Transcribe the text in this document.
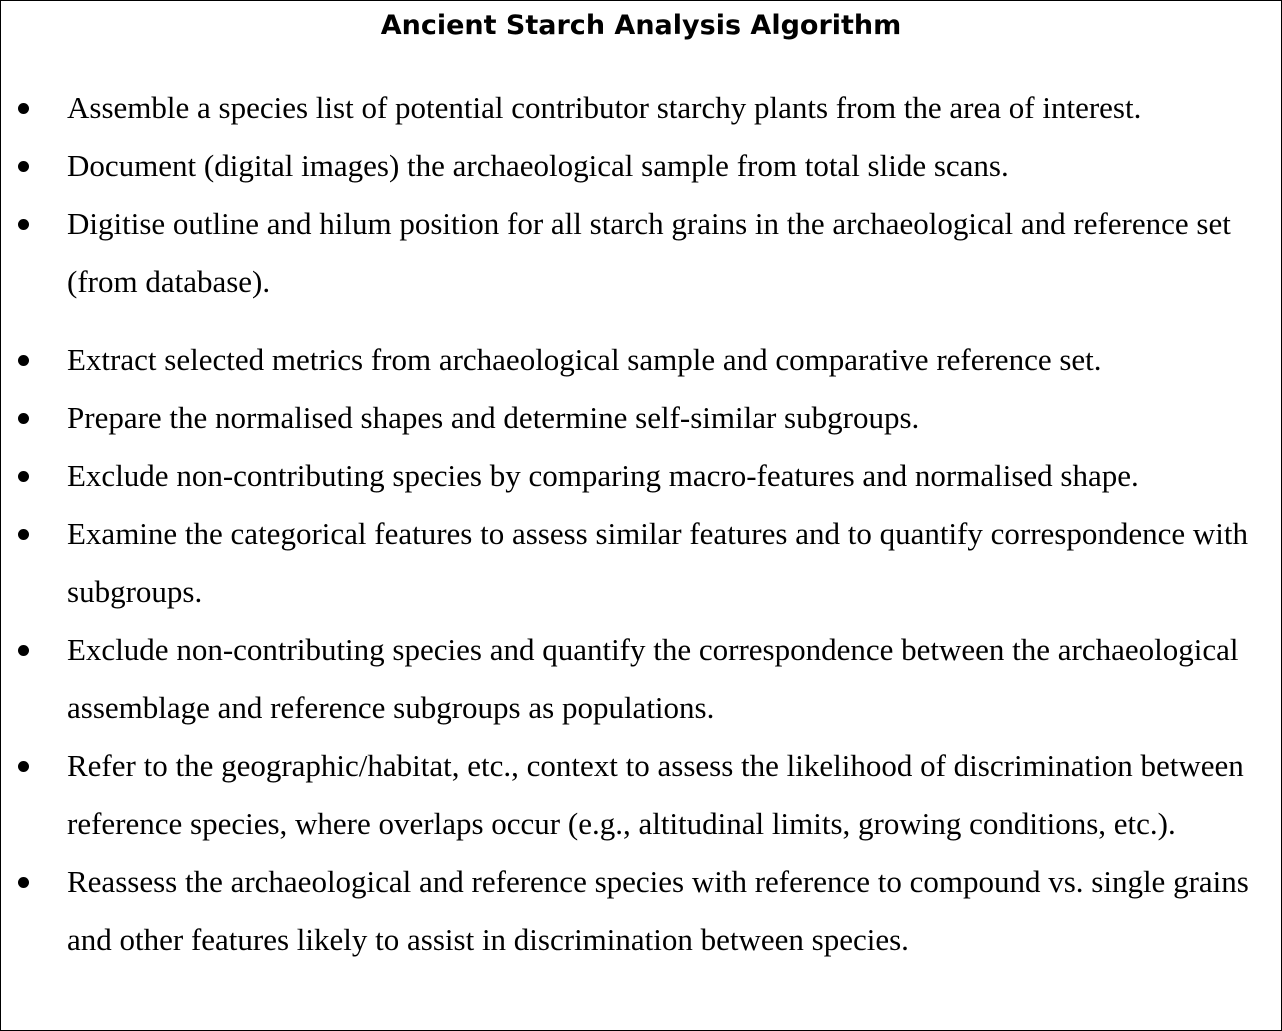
Ancient Starch Analysis Algorithm
Assemble a species list of potential contributor starchy plants from the area of interest.
Document (digital images) the archaeological sample from total slide scans.
Digitise outline and hilum position for all starch grains in the archaeological and reference set (from database).
Extract selected metrics from archaeological sample and comparative reference set.
Prepare the normalised shapes and determine self-similar subgroups.
Exclude non-contributing species by comparing macro-features and normalised shape.
Examine the categorical features to assess similar features and to quantify correspondence with subgroups.
Exclude non-contributing species and quantify the correspondence between the archaeological assemblage and reference subgroups as populations.
Refer to the geographic/habitat, etc., context to assess the likelihood of discrimination between reference species, where overlaps occur (e.g., altitudinal limits, growing conditions, etc.).
Reassess the archaeological and reference species with reference to compound vs. single grains and other features likely to assist in discrimination between species.
